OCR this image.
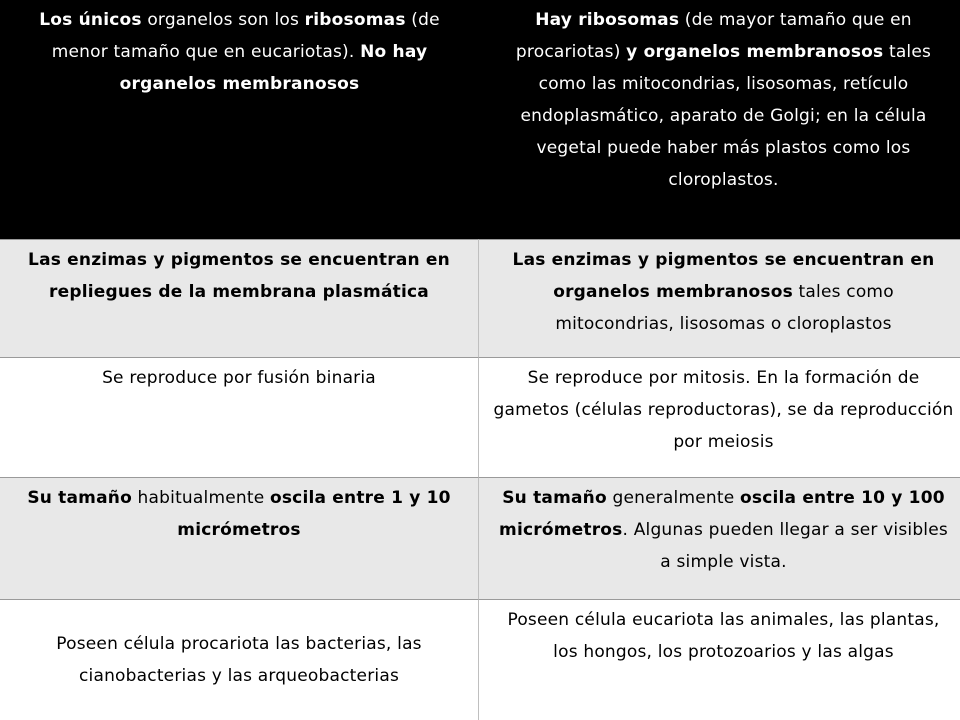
Los únicos organelos son los ribosomas (de menor tamaño que en eucariotas). No hay organelos membranosos
Hay ribosomas (de mayor tamaño que en procariotas) y organelos membranosos tales como las mitocondrias, lisosomas, retículo endoplasmático, aparato de Golgi; en la célula vegetal puede haber más plastos como los cloroplastos.
Las enzimas y pigmentos se encuentran en repliegues de la membrana plasmática
Las enzimas y pigmentos se encuentran en organelos membranosos tales como mitocondrias, lisosomas o cloroplastos
Se reproduce por fusión binaria	Se reproduce por mitosis. En la formación de gametos (células reproductoras), se da reproducción por meiosis
Su tamaño habitualmente oscila entre 1 y 10 micrómetros
Su tamaño generalmente oscila entre 10 y 100 micrómetros. Algunas pueden llegar a ser visibles a simple vista.
Poseen célula procariota las bacterias, las cianobacterias y las arqueobacterias
Poseen célula eucariota las animales, las plantas, los hongos, los protozoarios y las algas
